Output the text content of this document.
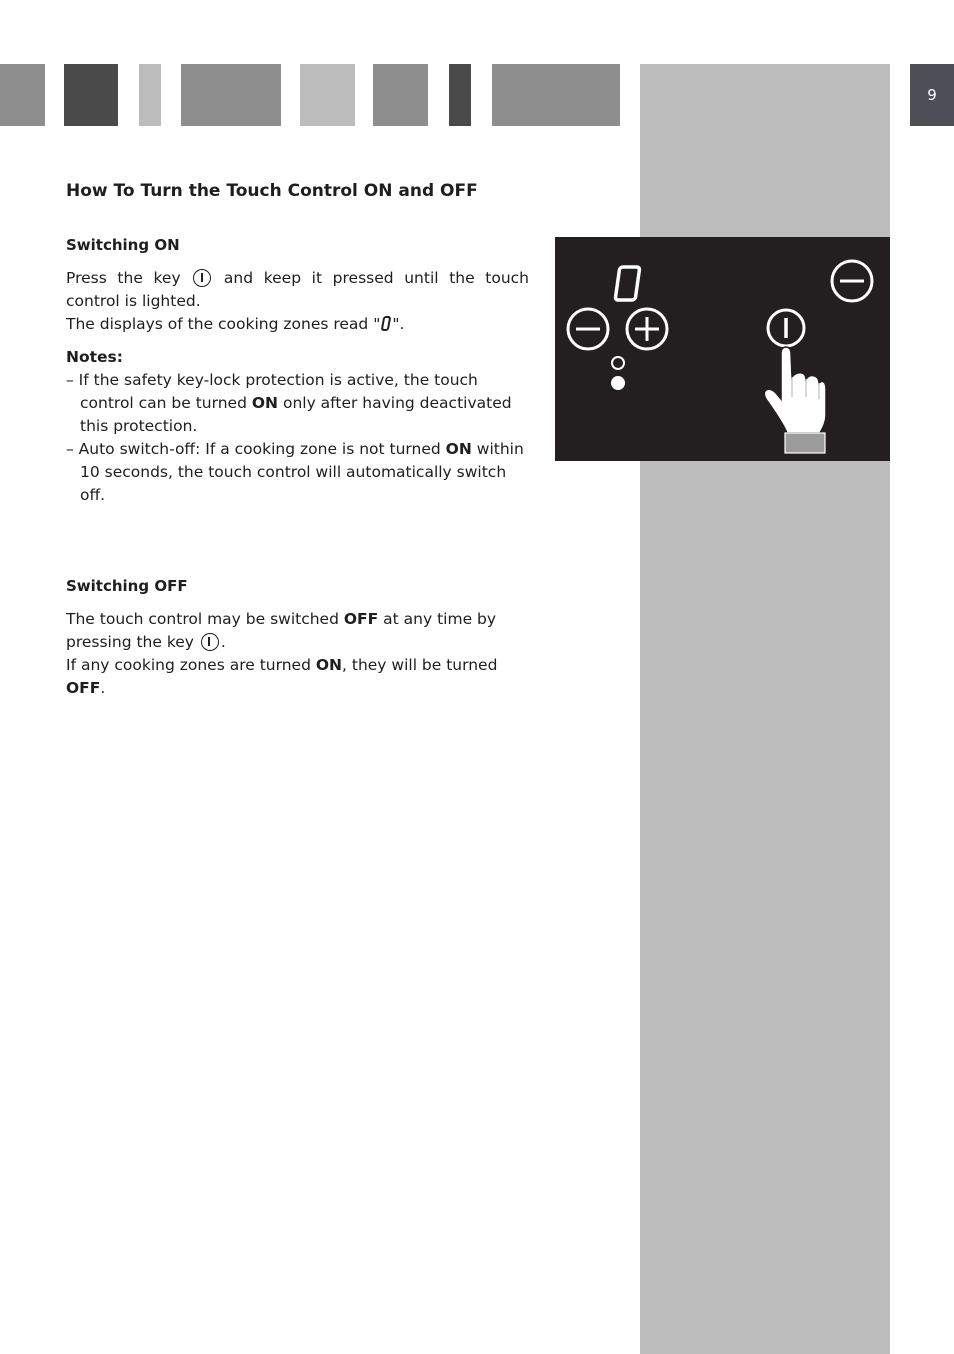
9
How To Turn the Touch Control ON and OFF
Switching ON

Press the key	and keep it pressed until the touch control is lighted.

The displays of the cooking zones read " ".

Notes:

– If the safety key-lock protection is active, the touch control can be turned ON only after having deactivated this protection.

– Auto switch-off: If a cooking zone is not turned ON within 10 seconds, the touch control will automatically switch off.

Switching OFF

The touch control may be switched OFF at any time by pressing the key .

If any cooking zones are turned ON, they will be turned OFF.
